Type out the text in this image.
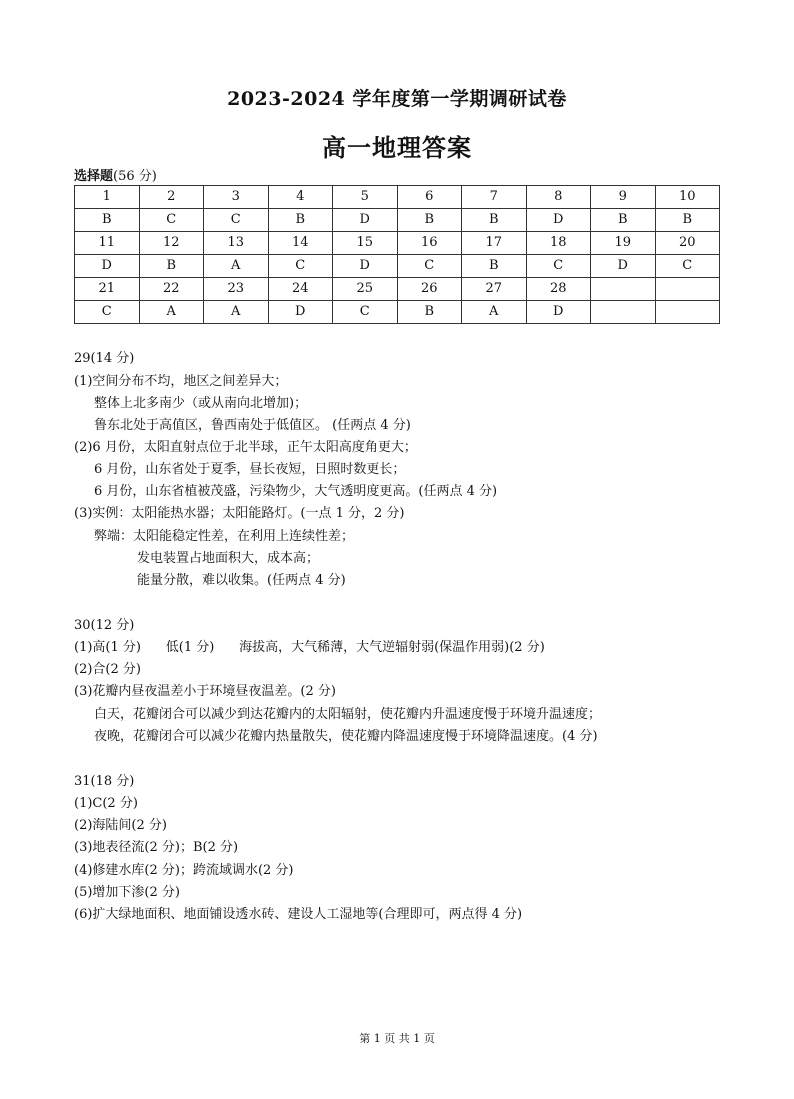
2023-2024 学年度第一学期调研试卷
高一地理答案
选择题(56 分)
1	2	3	4	5	6	7	8	9	10
B	C	C	B	D	B	B	D	B	B
11	12	13	14	15	16	17	18	19	20
D	B	A	C	D	C	B	C	D	C
21	22	23	24	25	26	27	28		
C	A	A	D	C	B	A	D		
29(14 分)
(1)空间分布不均，地区之间差异大；
整体上北多南少（或从南向北增加)；
鲁东北处于高值区，鲁西南处于低值区。 (任两点 4 分)
(2)6 月份，太阳直射点位于北半球，正午太阳高度角更大；
6 月份，山东省处于夏季，昼长夜短，日照时数更长；
6 月份，山东省植被茂盛，污染物少，大气透明度更高。(任两点 4 分)
(3)实例：太阳能热水器；太阳能路灯。(一点 1 分，2 分)
弊端：太阳能稳定性差，在利用上连续性差；
发电装置占地面积大，成本高；
能量分散，难以收集。(任两点 4 分)
30(12 分)
(1)高(1 分)      低(1 分)      海拔高，大气稀薄，大气逆辐射弱(保温作用弱)(2 分)
(2)合(2 分)
(3)花瓣内昼夜温差小于环境昼夜温差。(2 分)
白天，花瓣闭合可以减少到达花瓣内的太阳辐射，使花瓣内升温速度慢于环境升温速度；
夜晚，花瓣闭合可以减少花瓣内热量散失，使花瓣内降温速度慢于环境降温速度。(4 分)
31(18 分)
(1)C(2 分)
(2)海陆间(2 分)
(3)地表径流(2 分)；B(2 分)
(4)修建水库(2 分)；跨流域调水(2 分)
(5)增加下渗(2 分)
(6)扩大绿地面积、地面铺设透水砖、建设人工湿地等(合理即可，两点得 4 分)
第 1 页 共 1 页
